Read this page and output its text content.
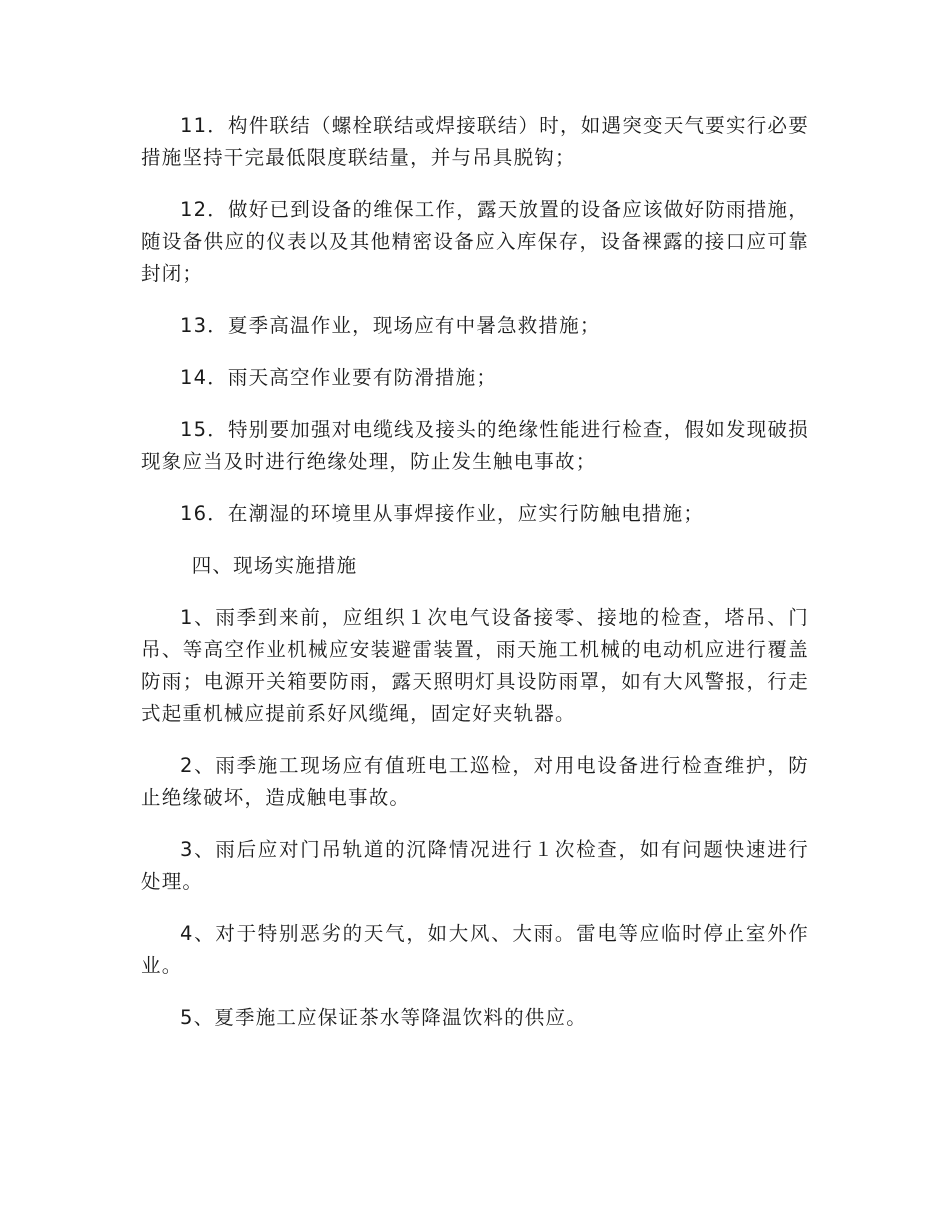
11．构件联结（螺栓联结或焊接联结）时，如遇突变天气要实行必要措施坚持干完最低限度联结量，并与吊具脱钩；

12．做好已到设备的维保工作，露天放置的设备应该做好防雨措施，随设备供应的仪表以及其他精密设备应入库保存，设备裸露的接口应可靠封闭；

13．夏季高温作业，现场应有中暑急救措施；

14．雨天高空作业要有防滑措施；

15．特别要加强对电缆线及接头的绝缘性能进行检查，假如发现破损现象应当及时进行绝缘处理，防止发生触电事故；

16．在潮湿的环境里从事焊接作业，应实行防触电措施；

四、现场实施措施

1、雨季到来前，应组织１次电气设备接零、接地的检查，塔吊、门吊、等高空作业机械应安装避雷装置，雨天施工机械的电动机应进行覆盖防雨；电源开关箱要防雨，露天照明灯具设防雨罩，如有大风警报，行走式起重机械应提前系好风缆绳，固定好夹轨器。

2、雨季施工现场应有值班电工巡检，对用电设备进行检查维护，防止绝缘破坏，造成触电事故。

3、雨后应对门吊轨道的沉降情况进行１次检查，如有问题快速进行处理。

4、对于特别恶劣的天气，如大风、大雨。雷电等应临时停止室外作业。

5、夏季施工应保证茶水等降温饮料的供应。
